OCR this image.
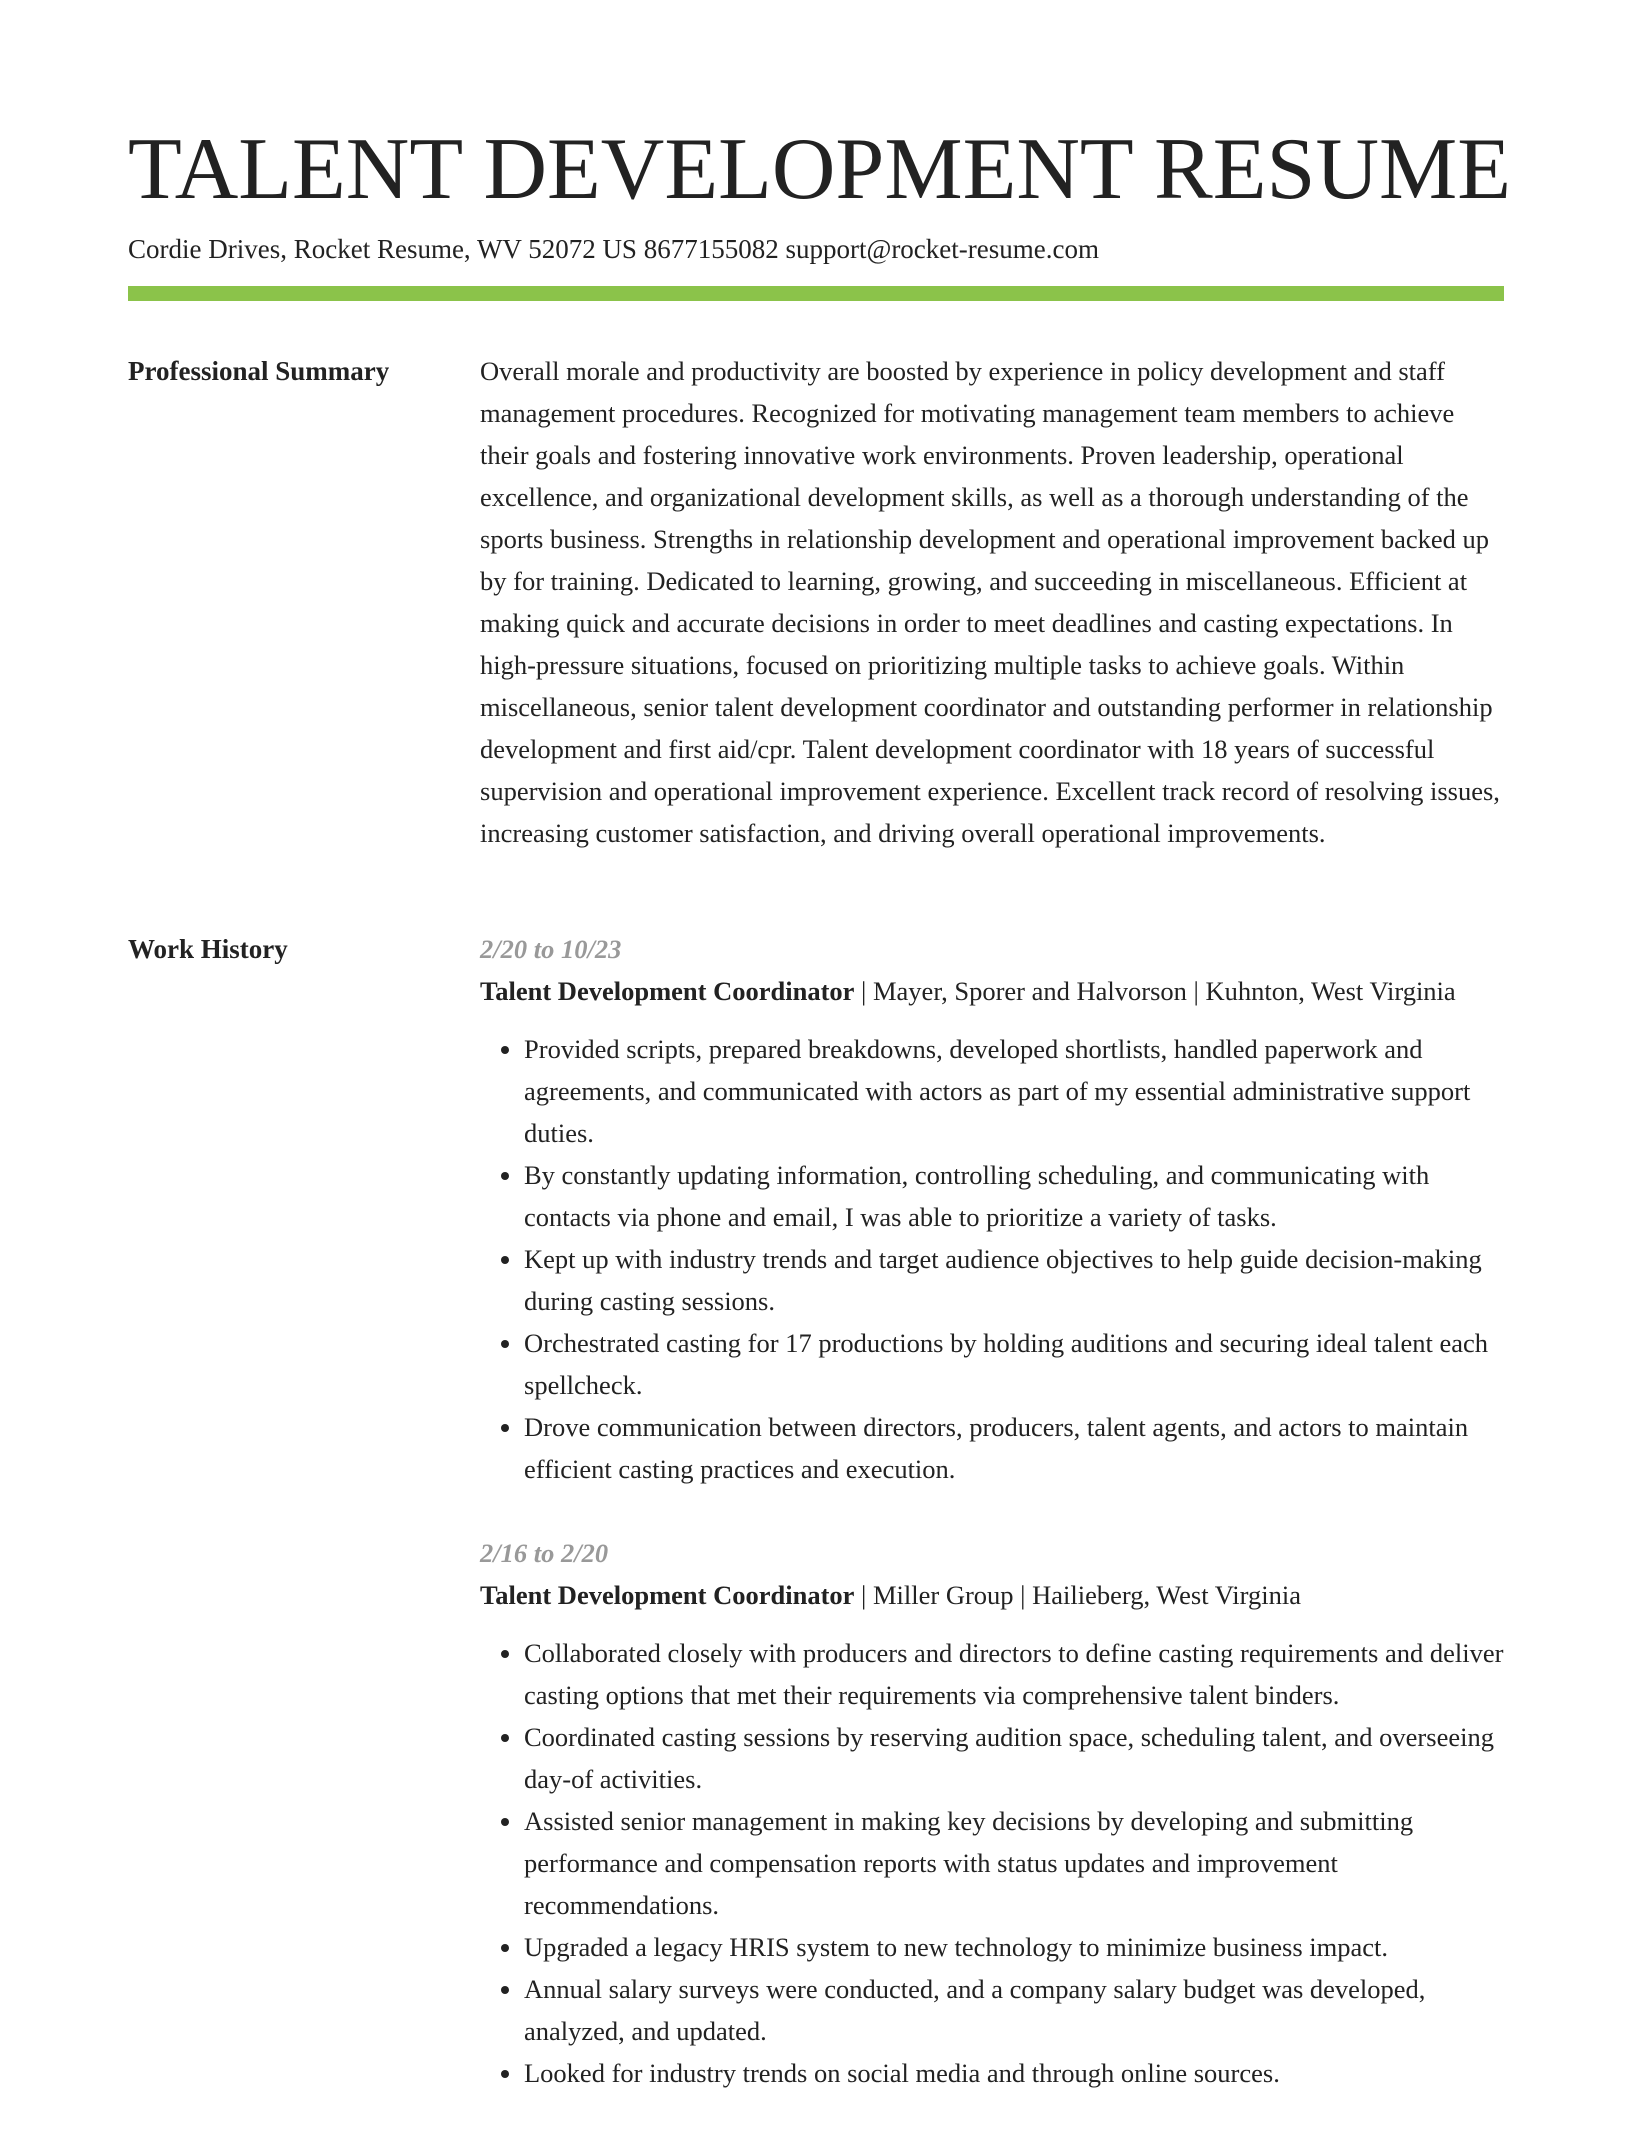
TALENT DEVELOPMENT RESUME
Cordie Drives, Rocket Resume, WV 52072 US 8677155082 support@rocket-resume.com
Professional Summary	Overall morale and productivity are boosted by experience in policy development and staff management procedures. Recognized for motivating management team members to achieve their goals and fostering innovative work environments. Proven leadership, operational excellence, and organizational development skills, as well as a thorough understanding of the sports business. Strengths in relationship development and operational improvement backed up by for training. Dedicated to learning, growing, and succeeding in miscellaneous. Efficient at making quick and accurate decisions in order to meet deadlines and casting expectations. In high-pressure situations, focused on prioritizing multiple tasks to achieve goals. Within miscellaneous, senior talent development coordinator and outstanding performer in relationship development and first aid/cpr. Talent development coordinator with 18 years of successful supervision and operational improvement experience. Excellent track record of resolving issues, increasing customer satisfaction, and driving overall operational improvements.

Work History	2/20 to 10/23
Talent Development Coordinator | Mayer, Sporer and Halvorson | Kuhnton, West Virginia
• Provided scripts, prepared breakdowns, developed shortlists, handled paperwork and agreements, and communicated with actors as part of my essential administrative support duties.
• By constantly updating information, controlling scheduling, and communicating with contacts via phone and email, I was able to prioritize a variety of tasks.
• Kept up with industry trends and target audience objectives to help guide decision-making during casting sessions.
• Orchestrated casting for 17 productions by holding auditions and securing ideal talent each spellcheck.
• Drove communication between directors, producers, talent agents, and actors to maintain efficient casting practices and execution.
2/16 to 2/20
Talent Development Coordinator | Miller Group | Hailieberg, West Virginia
• Collaborated closely with producers and directors to define casting requirements and deliver casting options that met their requirements via comprehensive talent binders.
• Coordinated casting sessions by reserving audition space, scheduling talent, and overseeing day-of activities.
• Assisted senior management in making key decisions by developing and submitting performance and compensation reports with status updates and improvement recommendations.
• Upgraded a legacy HRIS system to new technology to minimize business impact.
• Annual salary surveys were conducted, and a company salary budget was developed, analyzed, and updated.
• Looked for industry trends on social media and through online sources.
